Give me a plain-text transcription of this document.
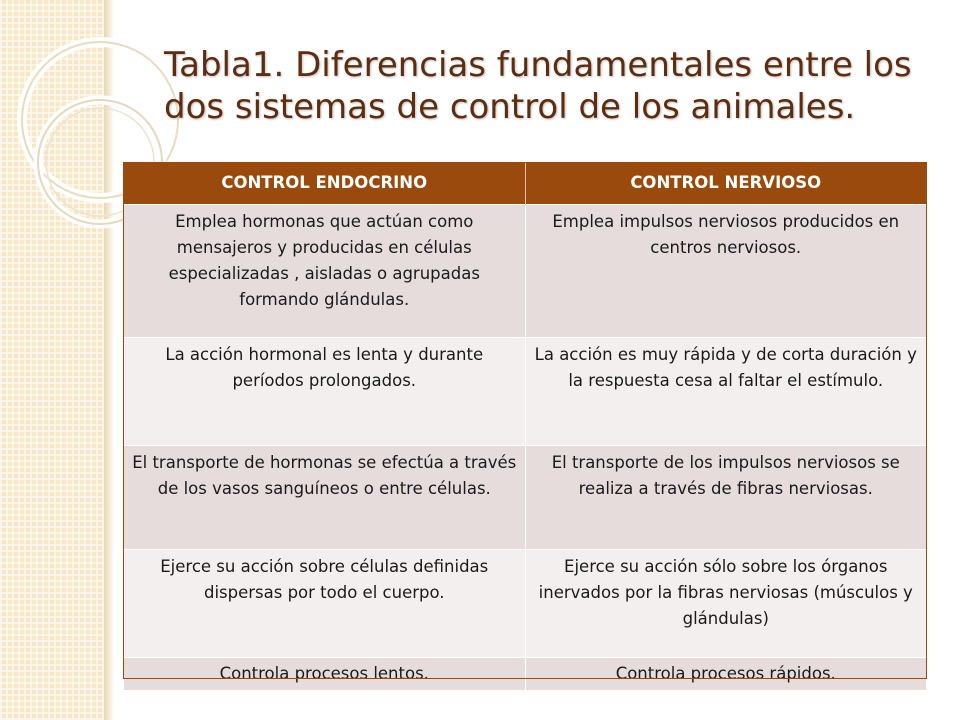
Tabla1. Diferencias fundamentales entre los dos sistemas de control de los animales.
CONTROL ENDOCRINO	CONTROL NERVIOSO
Emplea hormonas que actúan como mensajeros y producidas en células especializadas , aisladas o agrupadas formando glándulas.	Emplea impulsos nerviosos producidos en centros nerviosos.
La acción hormonal es lenta y durante períodos prolongados.	La acción es muy rápida y de corta duración y la respuesta cesa al faltar el estímulo.
El transporte de hormonas se efectúa a través de los vasos sanguíneos o entre células.	El transporte de los impulsos nerviosos se realiza a través de fibras nerviosas.
Ejerce su acción sobre células definidas dispersas por todo el cuerpo.	Ejerce su acción sólo sobre los órganos inervados por la fibras nerviosas (músculos y glándulas)
Controla procesos lentos.	Controla procesos rápidos.
